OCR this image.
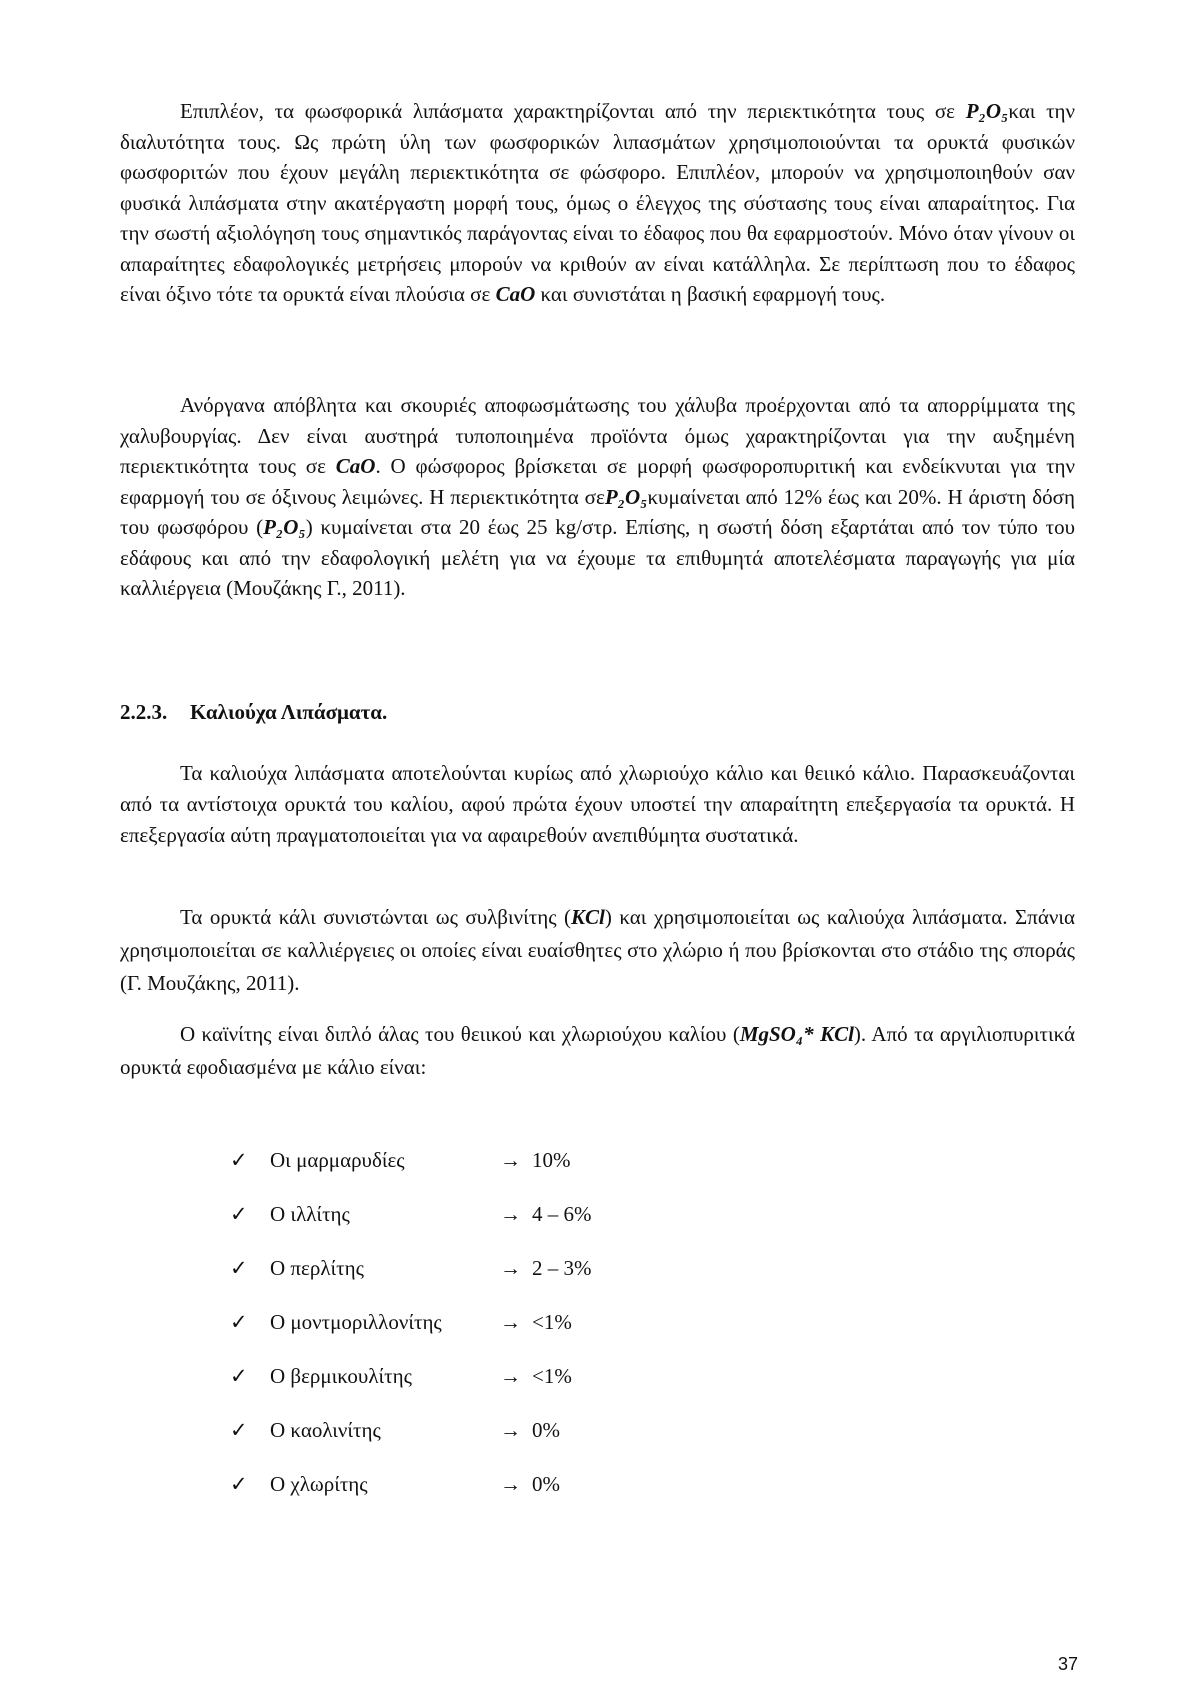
Επιπλέον, τα φωσφορικά λιπάσματα χαρακτηρίζονται από την περιεκτικότητα τους σε P₂O₅και την διαλυτότητα τους. Ως πρώτη ύλη των φωσφορικών λιπασμάτων χρησιμοποιούνται τα ορυκτά φυσικών φωσφοριτών που έχουν μεγάλη περιεκτικότητα σε φώσφορο. Επιπλέον, μπορούν να χρησιμοποιηθούν σαν φυσικά λιπάσματα στην ακατέργαστη μορφή τους, όμως ο έλεγχος της σύστασης τους είναι απαραίτητος. Για την σωστή αξιολόγηση τους σημαντικός παράγοντας είναι το έδαφος που θα εφαρμοστούν. Μόνο όταν γίνουν οι απαραίτητες εδαφολογικές μετρήσεις μπορούν να κριθούν αν είναι κατάλληλα. Σε περίπτωση που το έδαφος είναι όξινο τότε τα ορυκτά είναι πλούσια σε CaO και συνιστάται η βασική εφαρμογή τους.

Ανόργανα απόβλητα και σκουριές αποφωσμάτωσης του χάλυβα προέρχονται από τα απορρίμματα της χαλυβουργίας. Δεν είναι αυστηρά τυποποιημένα προϊόντα όμως χαρακτηρίζονται για την αυξημένη περιεκτικότητα τους σε CaO. Ο φώσφορος βρίσκεται σε μορφή φωσφοροπυριτική και ενδείκνυται για την εφαρμογή του σε όξινους λειμώνες. Η περιεκτικότητα σεP₂O₅κυμαίνεται από 12% έως και 20%. Η άριστη δόση του φωσφόρου (P₂O₅) κυμαίνεται στα 20 έως 25 kg/στρ. Επίσης, η σωστή δόση εξαρτάται από τον τύπο του εδάφους και από την εδαφολογική μελέτη για να έχουμε τα επιθυμητά αποτελέσματα παραγωγής για μία καλλιέργεια (Μουζάκης Γ., 2011).

2.2.3. Καλιούχα Λιπάσματα.

Τα καλιούχα λιπάσματα αποτελούνται κυρίως από χλωριούχο κάλιο και θειικό κάλιο. Παρασκευάζονται από τα αντίστοιχα ορυκτά του καλίου, αφού πρώτα έχουν υποστεί την απαραίτητη επεξεργασία τα ορυκτά. Η επεξεργασία αύτη πραγματοποιείται για να αφαιρεθούν ανεπιθύμητα συστατικά.

Τα ορυκτά κάλι συνιστώνται ως συλβινίτης (KCl) και χρησιμοποιείται ως καλιούχα λιπάσματα. Σπάνια χρησιμοποιείται σε καλλιέργειες οι οποίες είναι ευαίσθητες στο χλώριο ή που βρίσκονται στο στάδιο της σποράς (Γ. Μουζάκης, 2011).

Ο καϊνίτης είναι διπλό άλας του θειικού και χλωριούχου καλίου (MgSO₄* KCl). Από τα αργιλιοπυριτικά ορυκτά εφοδιασμένα με κάλιο είναι:

✓	Οι μαρμαρυδίες	→ 10%
✓	Ο ιλλίτης	→ 4 – 6%
✓	Ο περλίτης	→ 2 – 3%
✓	Ο μοντμοριλλονίτης	→ <1%
✓	Ο βερμικουλίτης	→ <1%
✓	Ο καολινίτης	→ 0%
✓	Ο χλωρίτης	→ 0%
37
